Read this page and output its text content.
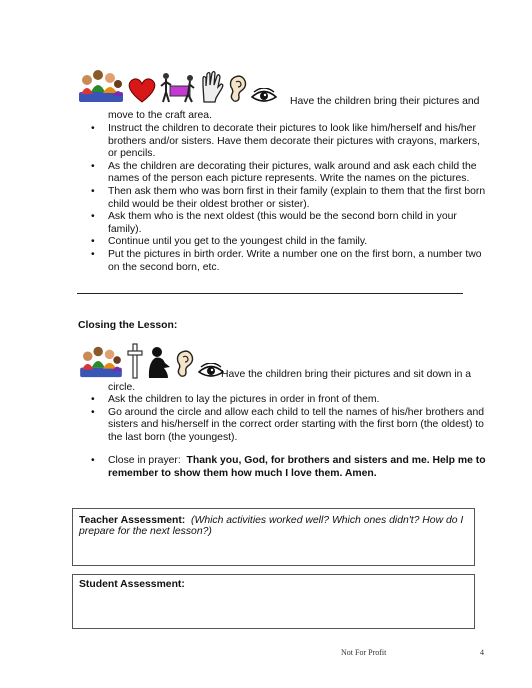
Have the children bring their pictures and
move to the craft area.
• Instruct the children to decorate their pictures to look like him/herself and his/her brothers and/or sisters. Have them decorate their pictures with crayons, markers, or pencils.
• As the children are decorating their pictures, walk around and ask each child the names of the person each picture represents. Write the names on the pictures.
• Then ask them who was born first in their family (explain to them that the first born child would be their oldest brother or sister).
• Ask them who is the next oldest (this would be the second born child in your family).
• Continue until you get to the youngest child in the family.
• Put the pictures in birth order. Write a number one on the first born, a number two on the second born, etc.
Closing the Lesson:
Have the children bring their pictures and sit down in a
circle.
• Ask the children to lay the pictures in order in front of them.
• Go around the circle and allow each child to tell the names of his/her brothers and sisters and his/herself in the correct order starting with the first born (the oldest) to the last born (the youngest).
• Close in prayer: Thank you, God, for brothers and sisters and me. Help me to remember to show them how much I love them. Amen.
Teacher Assessment: (Which activities worked well? Which ones didn't? How do I prepare for the next lesson?)
Student Assessment:
Not For Profit	4
